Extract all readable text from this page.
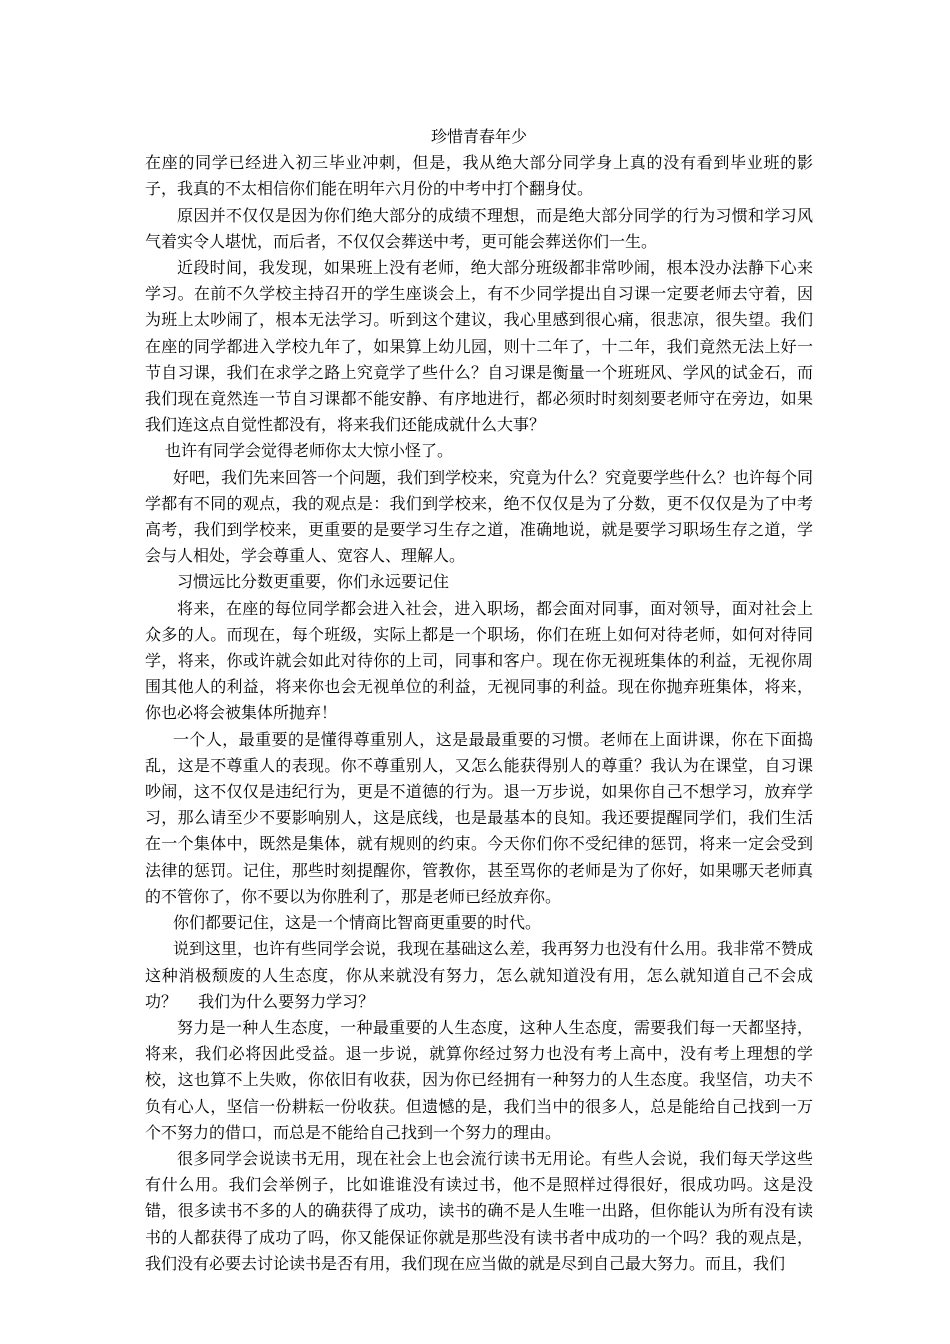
珍惜青春年少

在座的同学已经进入初三毕业冲刺，但是，我从绝大部分同学身上真的没有看到毕业班的影子，我真的不太相信你们能在明年六月份的中考中打个翻身仗。

原因并不仅仅是因为你们绝大部分的成绩不理想，而是绝大部分同学的行为习惯和学习风气着实令人堪忧，而后者，不仅仅会葬送中考，更可能会葬送你们一生。

近段时间，我发现，如果班上没有老师，绝大部分班级都非常吵闹，根本没办法静下心来学习。在前不久学校主持召开的学生座谈会上，有不少同学提出自习课一定要老师去守着，因为班上太吵闹了，根本无法学习。听到这个建议，我心里感到很心痛，很悲凉，很失望。我们在座的同学都进入学校九年了，如果算上幼儿园，则十二年了，十二年，我们竟然无法上好一节自习课，我们在求学之路上究竟学了些什么？自习课是衡量一个班班风、学风的试金石，而我们现在竟然连一节自习课都不能安静、有序地进行，都必须时时刻刻要老师守在旁边，如果我们连这点自觉性都没有，将来我们还能成就什么大事？

也许有同学会觉得老师你太大惊小怪了。

好吧，我们先来回答一个问题，我们到学校来，究竟为什么？究竟要学些什么？也许每个同学都有不同的观点，我的观点是：我们到学校来，绝不仅仅是为了分数，更不仅仅是为了中考高考，我们到学校来，更重要的是要学习生存之道，准确地说，就是要学习职场生存之道，学会与人相处，学会尊重人、宽容人、理解人。

习惯远比分数更重要，你们永远要记住

将来，在座的每位同学都会进入社会，进入职场，都会面对同事，面对领导，面对社会上众多的人。而现在，每个班级，实际上都是一个职场，你们在班上如何对待老师，如何对待同学，将来，你或许就会如此对待你的上司，同事和客户。现在你无视班集体的利益，无视你周围其他人的利益，将来你也会无视单位的利益，无视同事的利益。现在你抛弃班集体，将来，你也必将会被集体所抛弃！

一个人，最重要的是懂得尊重别人，这是最最重要的习惯。老师在上面讲课，你在下面捣乱，这是不尊重人的表现。你不尊重别人，又怎么能获得别人的尊重？我认为在课堂，自习课吵闹，这不仅仅是违纪行为，更是不道德的行为。退一万步说，如果你自己不想学习，放弃学习，那么请至少不要影响别人，这是底线，也是最基本的良知。我还要提醒同学们，我们生活在一个集体中，既然是集体，就有规则的约束。今天你们你不受纪律的惩罚，将来一定会受到法律的惩罚。记住，那些时刻提醒你，管教你，甚至骂你的老师是为了你好，如果哪天老师真的不管你了，你不要以为你胜利了，那是老师已经放弃你。

你们都要记住，这是一个情商比智商更重要的时代。

说到这里，也许有些同学会说，我现在基础这么差，我再努力也没有什么用。我非常不赞成这种消极颓废的人生态度，你从来就没有努力，怎么就知道没有用，怎么就知道自己不会成功？　 我们为什么要努力学习？

努力是一种人生态度，一种最重要的人生态度，这种人生态度，需要我们每一天都坚持，将来，我们必将因此受益。退一步说，就算你经过努力也没有考上高中，没有考上理想的学校，这也算不上失败，你依旧有收获，因为你已经拥有一种努力的人生态度。我坚信，功夫不负有心人，坚信一份耕耘一份收获。但遗憾的是，我们当中的很多人，总是能给自己找到一万个不努力的借口，而总是不能给自己找到一个努力的理由。

很多同学会说读书无用，现在社会上也会流行读书无用论。有些人会说，我们每天学这些有什么用。我们会举例子，比如谁谁没有读过书，他不是照样过得很好，很成功吗。这是没错，很多读书不多的人的确获得了成功，读书的确不是人生唯一出路，但你能认为所有没有读书的人都获得了成功了吗，你又能保证你就是那些没有读书者中成功的一个吗？我的观点是，我们没有必要去讨论读书是否有用，我们现在应当做的就是尽到自己最大努力。而且，我们
